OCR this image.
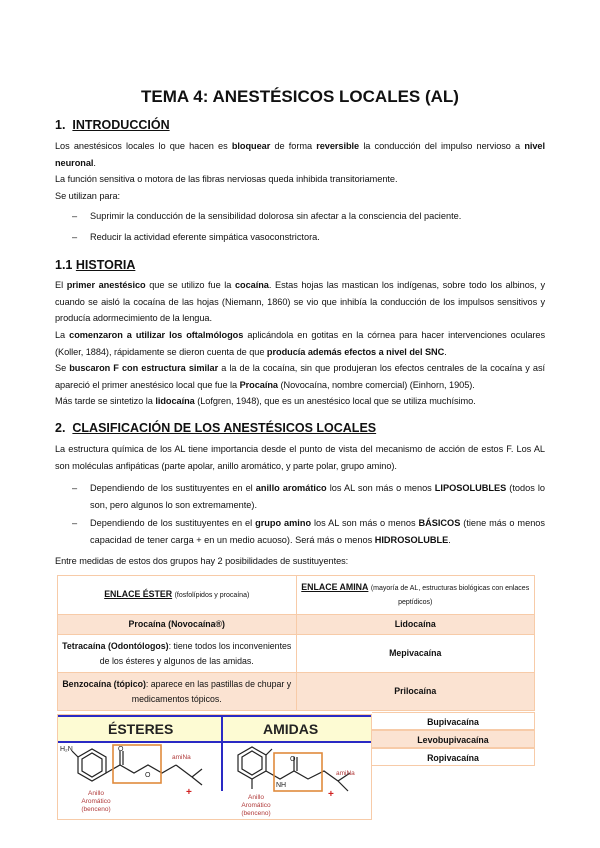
TEMA 4: ANESTÉSICOS LOCALES (AL)
1. INTRODUCCIÓN
Los anestésicos locales lo que hacen es bloquear de forma reversible la conducción del impulso nervioso a nivel neuronal.
La función sensitiva o motora de las fibras nerviosas queda inhibida transitoriamente.
Se utilizan para:
– Suprimir la conducción de la sensibilidad dolorosa sin afectar a la consciencia del paciente.
– Reducir la actividad eferente simpática vasoconstrictora.
1.1 HISTORIA
El primer anestésico que se utilizo fue la cocaína. Estas hojas las mastican los indígenas, sobre todo los albinos, y cuando se aisló la cocaína de las hojas (Niemann, 1860) se vio que inhibía la conducción de los impulsos sensitivos y producía adormecimiento de la lengua.
La comenzaron a utilizar los oftalmólogos aplicándola en gotitas en la córnea para hacer intervenciones oculares (Koller, 1884), rápidamente se dieron cuenta de que producía además efectos a nivel del SNC.
Se buscaron F con estructura similar a la de la cocaína, sin que produjeran los efectos centrales de la cocaína y así apareció el primer anestésico local que fue la Procaína (Novocaína, nombre comercial) (Einhorn, 1905).
Más tarde se sintetizo la lidocaína (Lofgren, 1948), que es un anestésico local que se utiliza muchísimo.
2. CLASIFICACIÓN DE LOS ANESTÉSICOS LOCALES
La estructura química de los AL tiene importancia desde el punto de vista del mecanismo de acción de estos F. Los AL son moléculas anfipáticas (parte apolar, anillo aromático, y parte polar, grupo amino).
– Dependiendo de los sustituyentes en el anillo aromático los AL son más o menos LIPOSOLUBLES (todos lo son, pero algunos lo son extremamente).
– Dependiendo de los sustituyentes en el grupo amino los AL son más o menos BÁSICOS (tiene más o menos capacidad de tener carga + en un medio acuoso). Será más o menos HIDROSOLUBLE.
Entre medidas de estos dos grupos hay 2 posibilidades de sustituyentes:
ENLACE ÉSTER (fosfolípidos y procaína)	ENLACE AMINA (mayoría de AL, estructuras biológicas con enlaces peptídicos)
Procaína (Novocaína®)	Lidocaína
Tetracaína (Odontólogos): tiene todos los inconvenientes de los ésteres y algunos de las amidas.	Mepivacaína
Benzocaína (tópico): aparece en las pastillas de chupar y medicamentos tópicos.	Prilocaína
Bupivacaína
Levobupivacaína
Ropivacaína
ÉSTERES	AMIDAS
H₂N	O
O
O
NH
amiNa
amiNa
+	+
Anillo
Aromático
(benceno)
Anillo
Aromático
(benceno)
